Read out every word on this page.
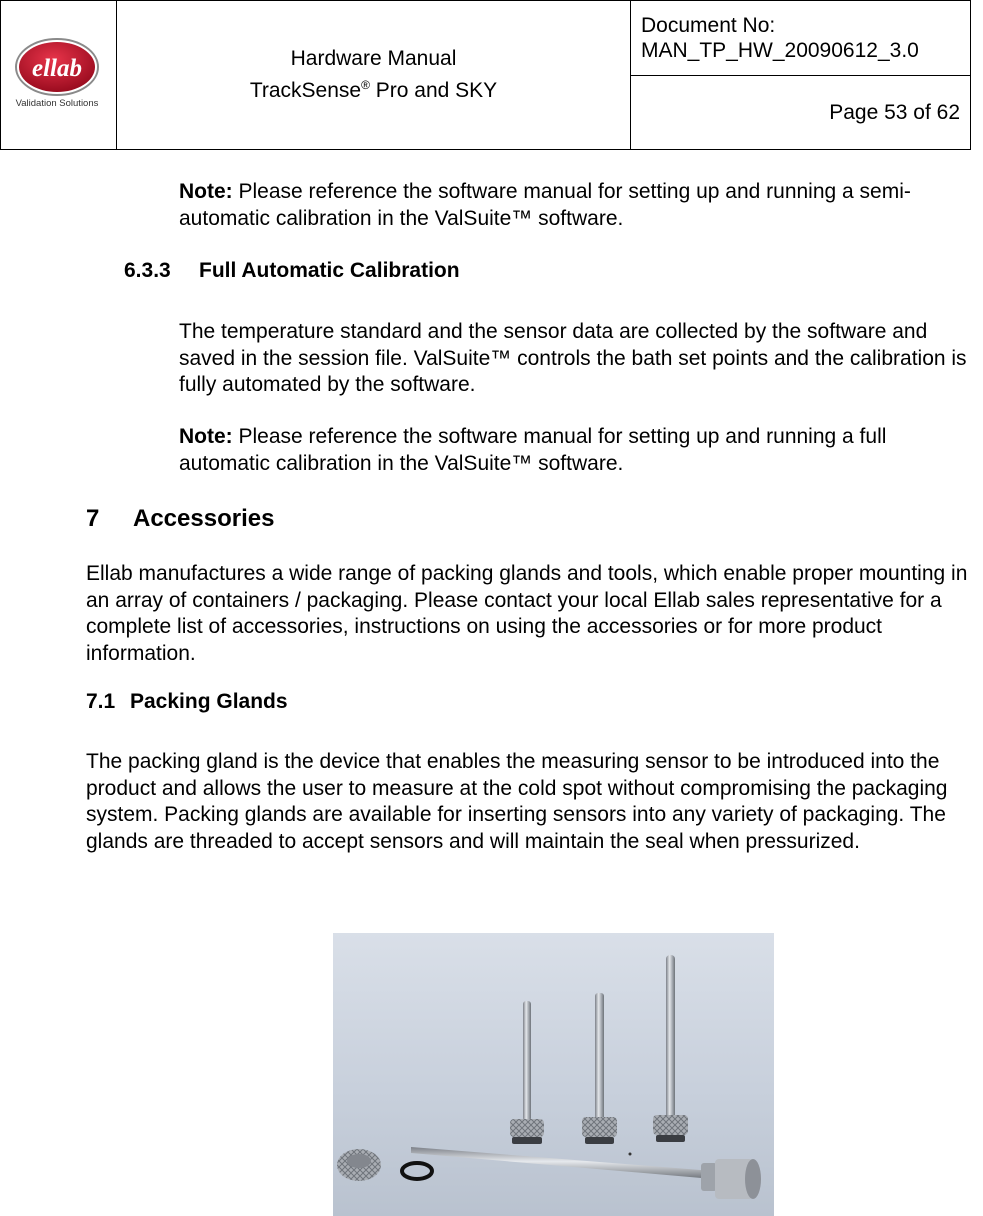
ellab
Validation Solutions
Hardware Manual
TrackSense® Pro and SKY
Document No:
MAN_TP_HW_20090612_3.0
Page 53 of 62

Note: Please reference the software manual for setting up and running a semi-automatic calibration in the ValSuite™ software.

6.3.3 Full Automatic Calibration

The temperature standard and the sensor data are collected by the software and saved in the session file. ValSuite™ controls the bath set points and the calibration is fully automated by the software.

Note: Please reference the software manual for setting up and running a full automatic calibration in the ValSuite™ software.

7 Accessories

Ellab manufactures a wide range of packing glands and tools, which enable proper mounting in an array of containers / packaging. Please contact your local Ellab sales representative for a complete list of accessories, instructions on using the accessories or for more product information.

7.1 Packing Glands

The packing gland is the device that enables the measuring sensor to be introduced into the product and allows the user to measure at the cold spot without compromising the packaging system. Packing glands are available for inserting sensors into any variety of packaging. The glands are threaded to accept sensors and will maintain the seal when pressurized.
